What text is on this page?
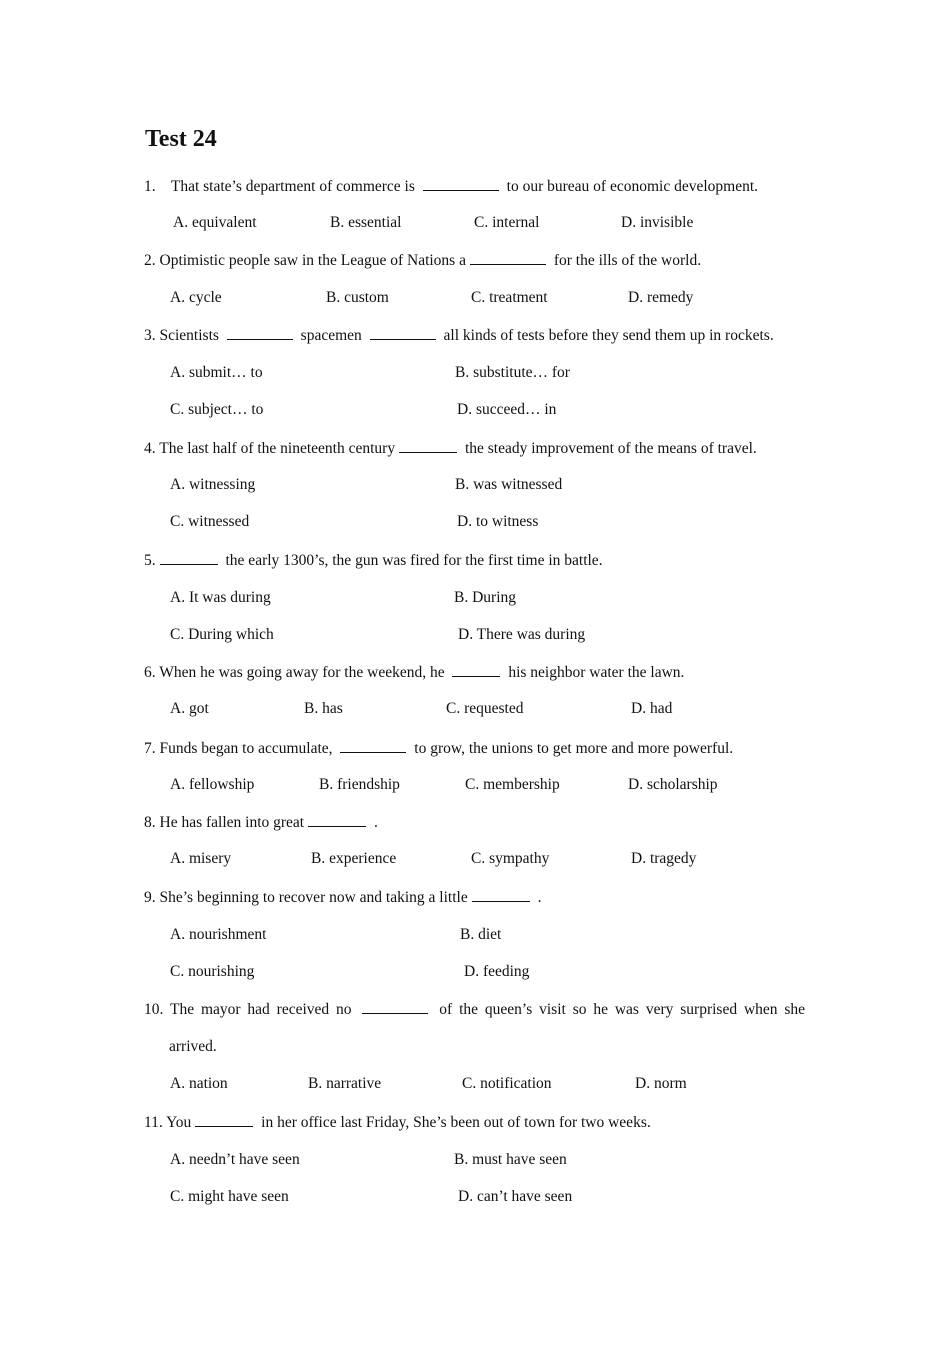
Test 24
1. That state’s department of commerce is	to our bureau of economic development.
A. equivalent	B. essential	C. internal	D. invisible
2. Optimistic people saw in the League of Nations a	for the ills of the world.
A. cycle	B. custom	C. treatment	D. remedy
3. Scientists	spacemen	all kinds of tests before they send them up in rockets.
A. submit… to	B. substitute… for
C. subject… to	D. succeed… in
4. The last half of the nineteenth century	the steady improvement of the means of travel.
A. witnessing	B. was witnessed
C. witnessed	D. to witness
5.	the early 1300’s, the gun was fired for the first time in battle.
A. It was during	B. During
C. During which	D. There was during
6. When he was going away for the weekend, he	his neighbor water the lawn.
A. got	B. has	C. requested	D. had
7. Funds began to accumulate,	to grow, the unions to get more and more powerful.
A. fellowship	B. friendship	C. membership	D. scholarship
8. He has fallen into great	.
A. misery	B. experience	C. sympathy	D. tragedy
9. She’s beginning to recover now and taking a little	.
A. nourishment	B. diet
C. nourishing	D. feeding
10. The mayor had received no	of the queen’s visit so he was very surprised when she
arrived.
A. nation	B. narrative	C. notification	D. norm
11. You	in her office last Friday, She’s been out of town for two weeks.
A. needn’t have seen	B. must have seen
C. might have seen	D. can’t have seen
